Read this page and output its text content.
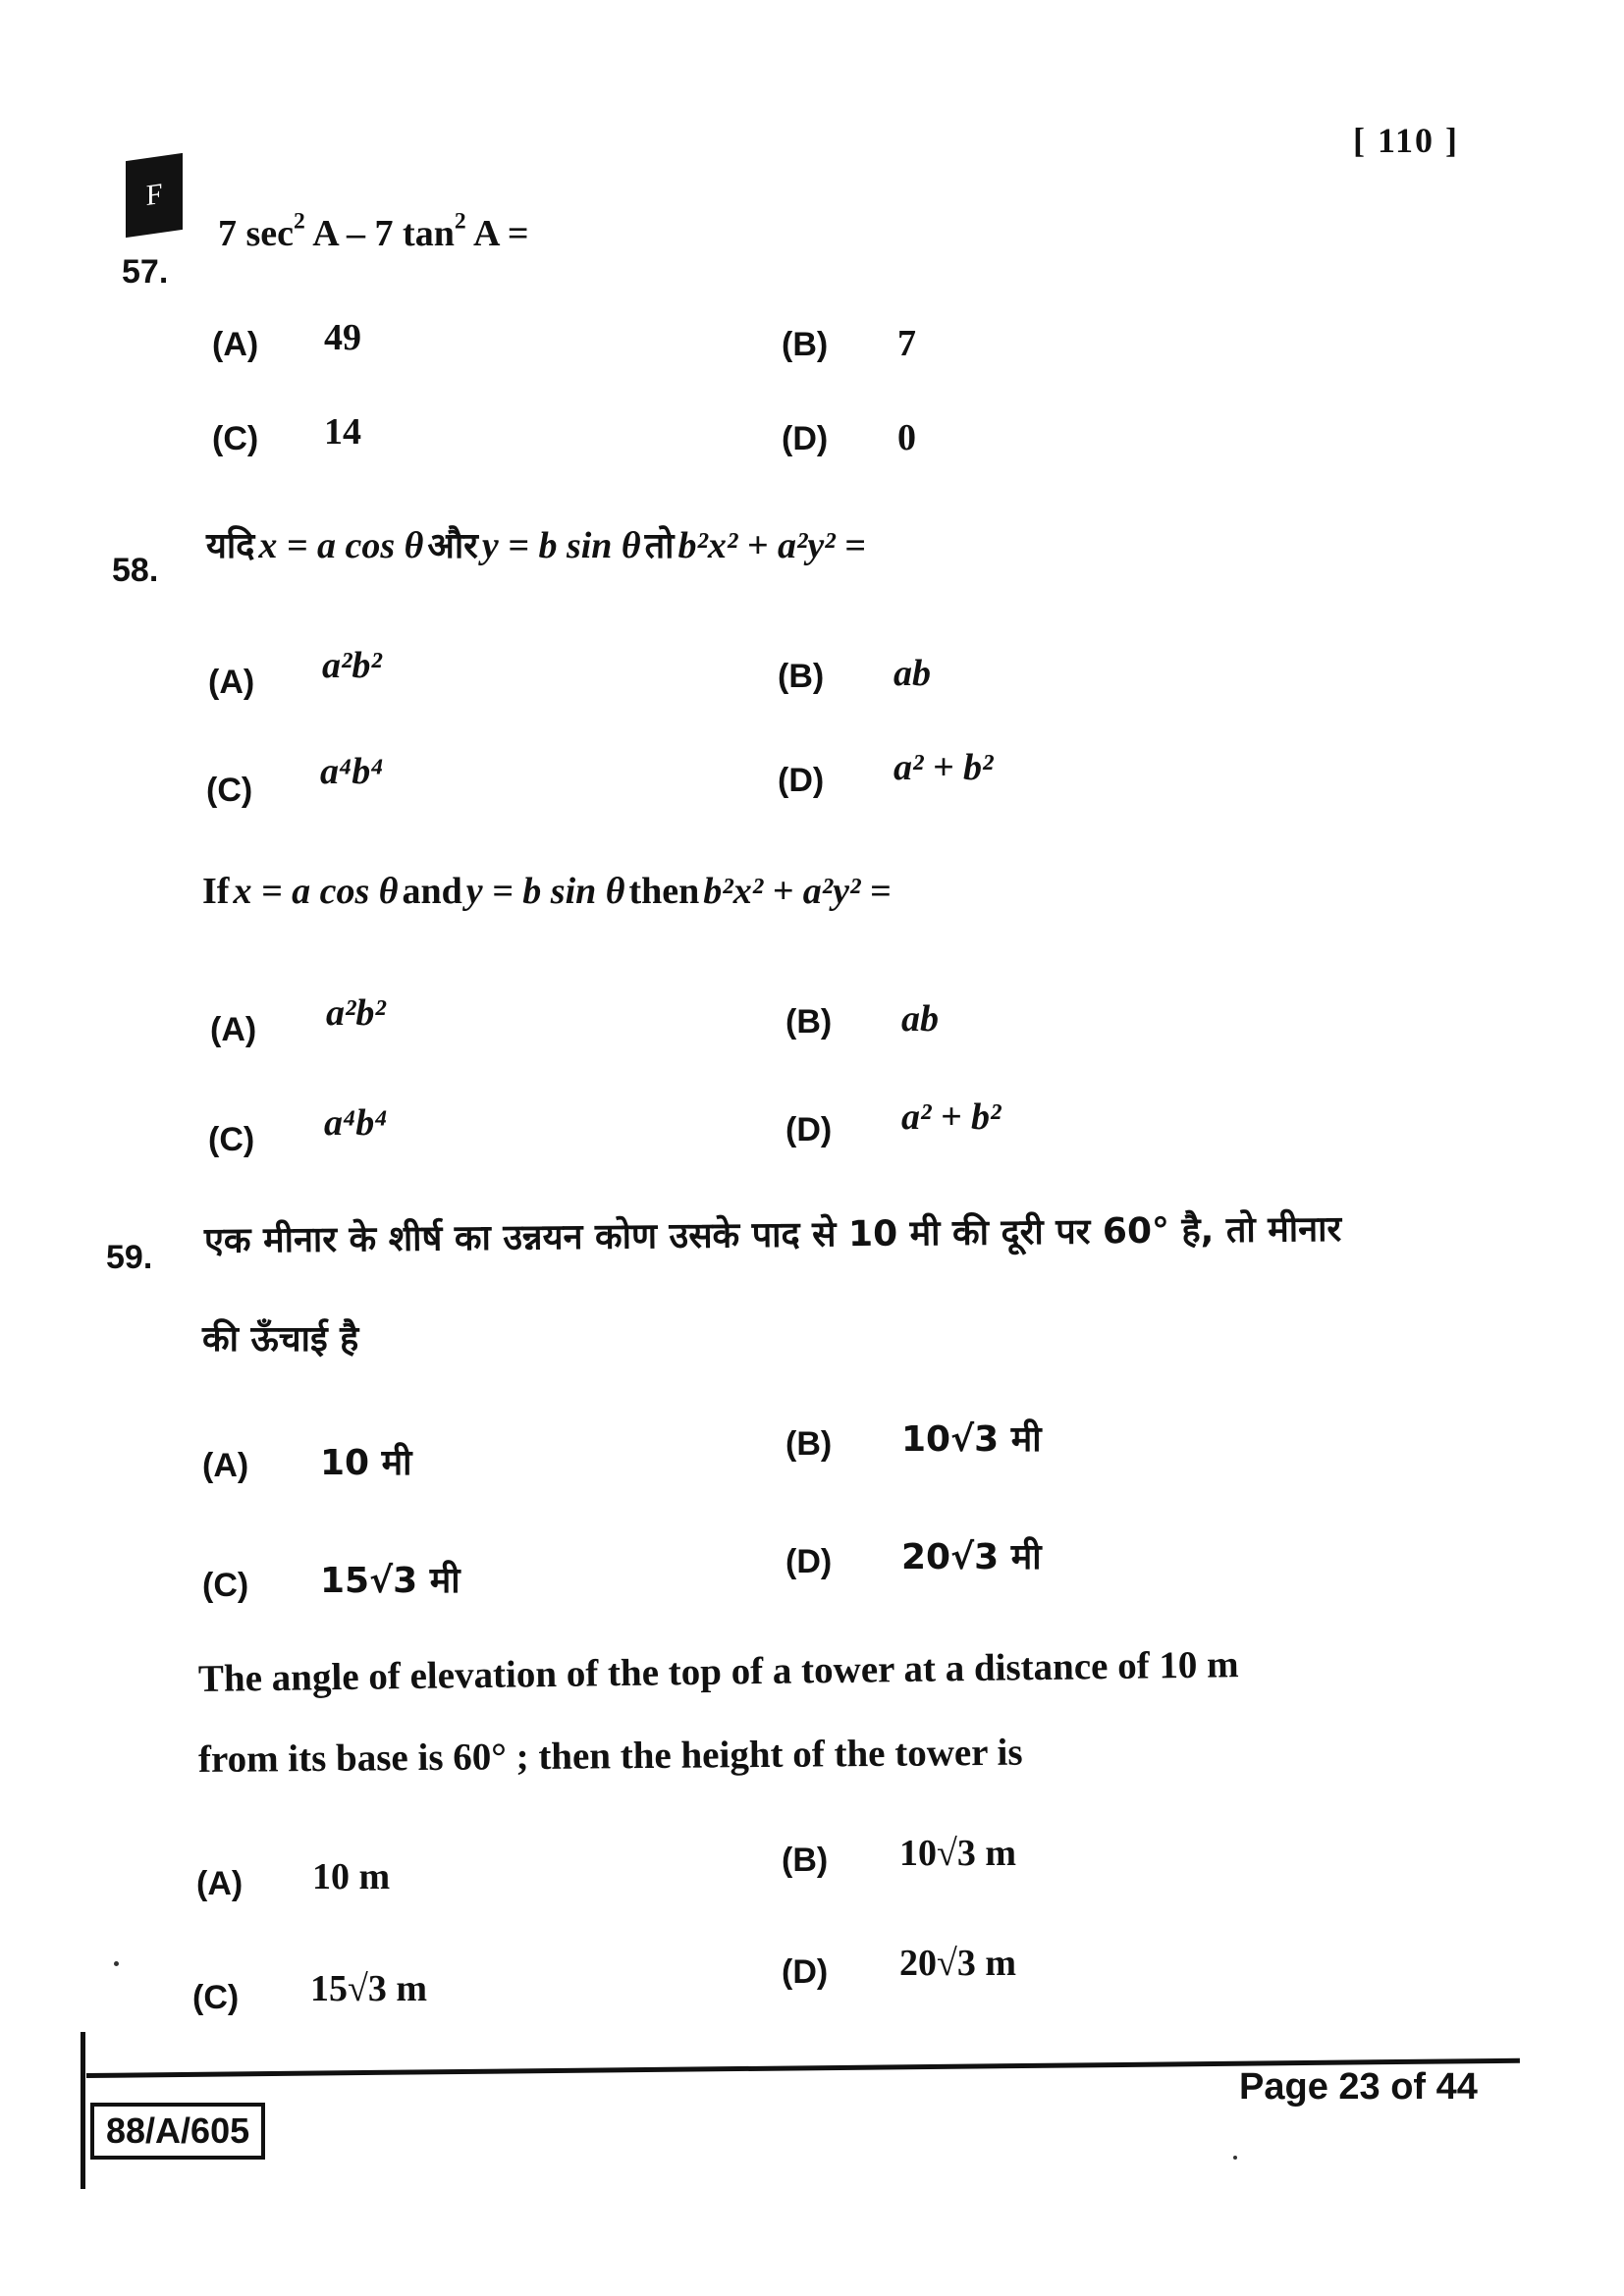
[ 110 ]
F
57.
7 $\sec^2 A - 7$ $\tan^2 A$ =
(A) 49	(B) 7
(C) 14	(D) 0
58.
यदि x = a cos θ और y = b sin θ तो b²x² + a²y² =
(A) a²b²	(B) ab
(C) a⁴b⁴	(D) a² + b²
If x = a cos θ and y = b sin θ then b²x² + a²y² =
(A) a²b²	(B) ab
(C) a⁴b⁴	(D) a² + b²
59. एक मीनार के शीर्ष का उन्नयन कोण उसके पाद से 10 मी की दूरी पर 60° है, तो मीनार
की ऊँचाई है
(A) 10 मी	(B) 10√3 मी
(C) 15√3 मी	(D) 20√3 मी
The angle of elevation of the top of a tower at a distance of 10 m
from its base is 60° ; then the height of the tower is
(A) 10 m	(B) 10√3 m
(C) 15√3 m	(D) 20√3 m
88/A/605
Page 23 of 44
